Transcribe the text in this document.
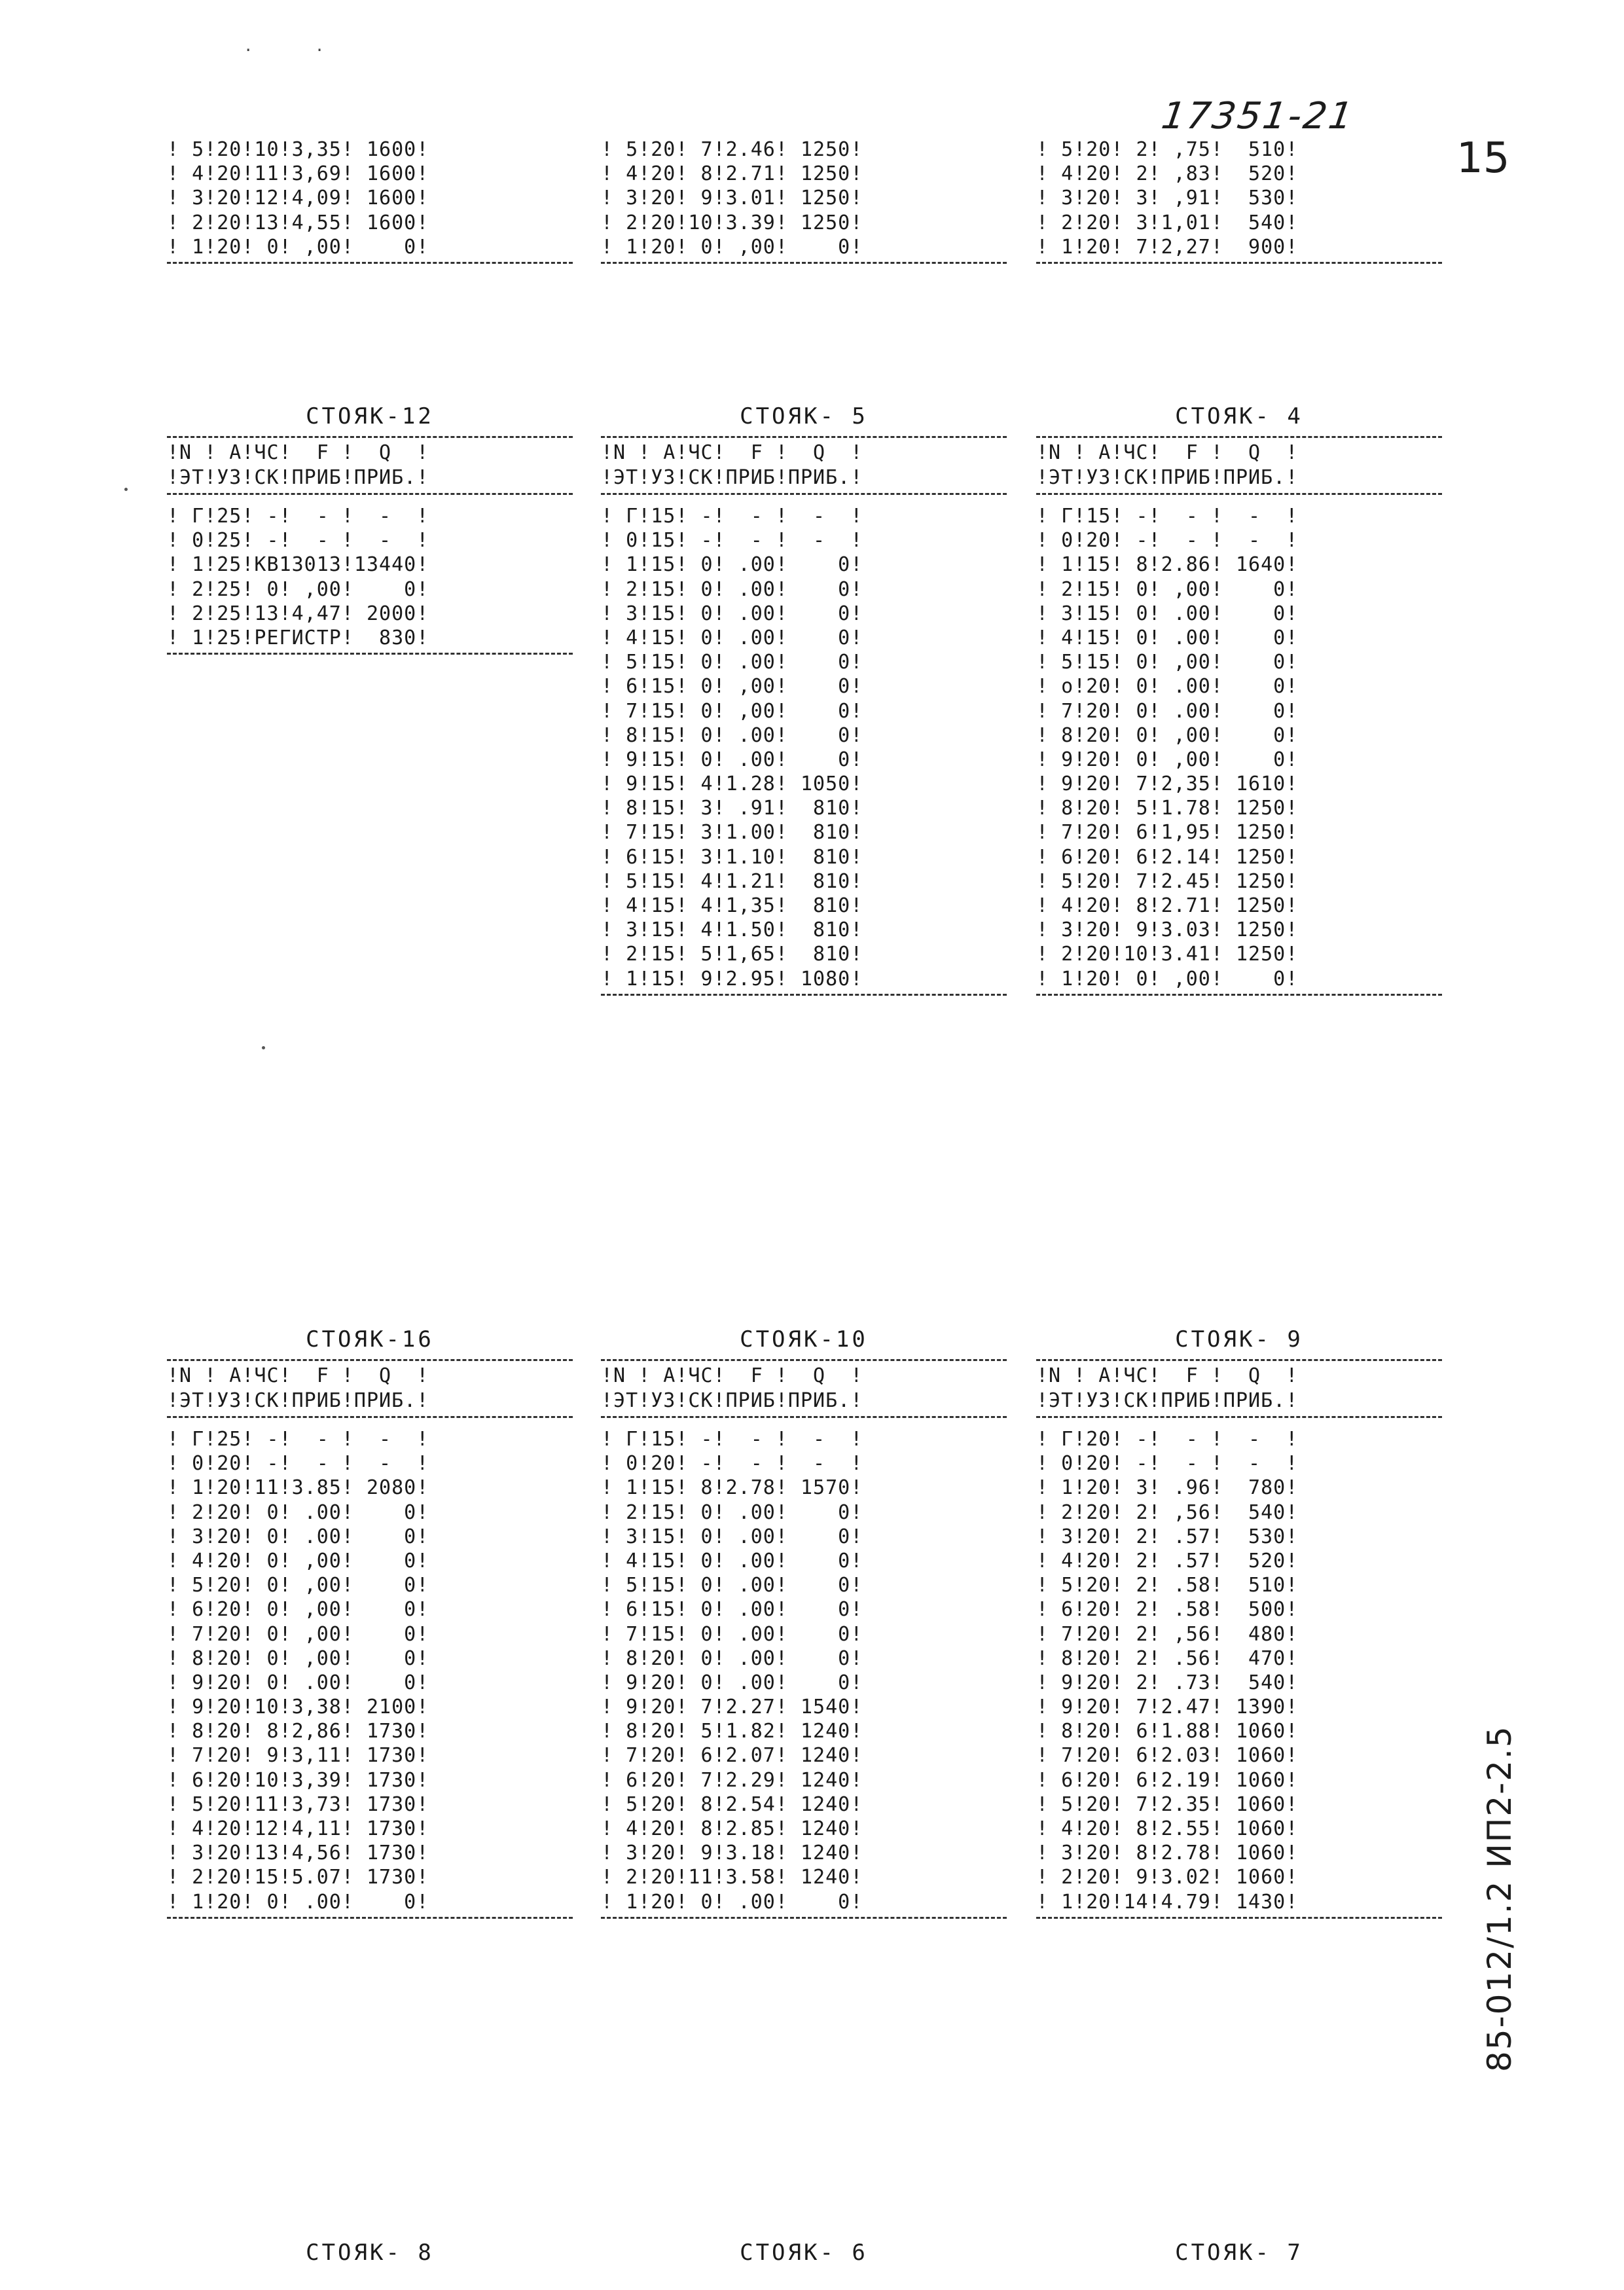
. .
17351-21
15
85-012/1.2 ИП2-2.5
! 5!20!10!3,35! 1600!
! 4!20!11!3,69! 1600!
! 3!20!12!4,09! 1600!
! 2!20!13!4,55! 1600!
! 1!20! 0! ,00!    0!
! 5!20! 7!2.46! 1250!
! 4!20! 8!2.71! 1250!
! 3!20! 9!3.01! 1250!
! 2!20!10!3.39! 1250!
! 1!20! 0! ,00!    0!
! 5!20! 2! ,75!  510!
! 4!20! 2! ,83!  520!
! 3!20! 3! ,91!  530!
! 2!20! 3!1,01!  540!
! 1!20! 7!2,27!  900!
СТОЯК-12
!N ! A!ЧС!  F !  Q  !
!ЭТ!УЗ!СК!ПРИБ!ПРИБ.!
! Г!25! -!  - !  -  !
! 0!25! -!  - !  -  !
! 1!25!КВ13013!13440!
! 2!25! 0! ,00!    0!
! 2!25!13!4,47! 2000!
! 1!25!РЕГИСТР!  830!
СТОЯК- 5
!N ! A!ЧС!  F !  Q  !
!ЭТ!УЗ!СК!ПРИБ!ПРИБ.!
! Г!15! -!  - !  -  !
! 0!15! -!  - !  -  !
! 1!15! 0! .00!    0!
! 2!15! 0! .00!    0!
! 3!15! 0! .00!    0!
! 4!15! 0! .00!    0!
! 5!15! 0! .00!    0!
! 6!15! 0! ,00!    0!
! 7!15! 0! ,00!    0!
! 8!15! 0! .00!    0!
! 9!15! 0! .00!    0!
! 9!15! 4!1.28! 1050!
! 8!15! 3! .91!  810!
! 7!15! 3!1.00!  810!
! 6!15! 3!1.10!  810!
! 5!15! 4!1.21!  810!
! 4!15! 4!1,35!  810!
! 3!15! 4!1.50!  810!
! 2!15! 5!1,65!  810!
! 1!15! 9!2.95! 1080!
СТОЯК- 4
!N ! A!ЧС!  F !  Q  !
!ЭТ!УЗ!СК!ПРИБ!ПРИБ.!
! Г!15! -!  - !  -  !
! 0!20! -!  - !  -  !
! 1!15! 8!2.86! 1640!
! 2!15! 0! ,00!    0!
! 3!15! 0! .00!    0!
! 4!15! 0! .00!    0!
! 5!15! 0! ,00!    0!
! o!20! 0! .00!    0!
! 7!20! 0! .00!    0!
! 8!20! 0! ,00!    0!
! 9!20! 0! ,00!    0!
! 9!20! 7!2,35! 1610!
! 8!20! 5!1.78! 1250!
! 7!20! 6!1,95! 1250!
! 6!20! 6!2.14! 1250!
! 5!20! 7!2.45! 1250!
! 4!20! 8!2.71! 1250!
! 3!20! 9!3.03! 1250!
! 2!20!10!3.41! 1250!
! 1!20! 0! ,00!    0!
СТОЯК-16
!N ! A!ЧС!  F !  Q  !
!ЭТ!УЗ!СК!ПРИБ!ПРИБ.!
! Г!25! -!  - !  -  !
! 0!20! -!  - !  -  !
! 1!20!11!3.85! 2080!
! 2!20! 0! .00!    0!
! 3!20! 0! .00!    0!
! 4!20! 0! ,00!    0!
! 5!20! 0! ,00!    0!
! 6!20! 0! ,00!    0!
! 7!20! 0! ,00!    0!
! 8!20! 0! ,00!    0!
! 9!20! 0! .00!    0!
! 9!20!10!3,38! 2100!
! 8!20! 8!2,86! 1730!
! 7!20! 9!3,11! 1730!
! 6!20!10!3,39! 1730!
! 5!20!11!3,73! 1730!
! 4!20!12!4,11! 1730!
! 3!20!13!4,56! 1730!
! 2!20!15!5.07! 1730!
! 1!20! 0! .00!    0!
СТОЯК-10
!N ! A!ЧС!  F !  Q  !
!ЭТ!УЗ!СК!ПРИБ!ПРИБ.!
! Г!15! -!  - !  -  !
! 0!20! -!  - !  -  !
! 1!15! 8!2.78! 1570!
! 2!15! 0! .00!    0!
! 3!15! 0! .00!    0!
! 4!15! 0! .00!    0!
! 5!15! 0! .00!    0!
! 6!15! 0! .00!    0!
! 7!15! 0! .00!    0!
! 8!20! 0! .00!    0!
! 9!20! 0! .00!    0!
! 9!20! 7!2.27! 1540!
! 8!20! 5!1.82! 1240!
! 7!20! 6!2.07! 1240!
! 6!20! 7!2.29! 1240!
! 5!20! 8!2.54! 1240!
! 4!20! 8!2.85! 1240!
! 3!20! 9!3.18! 1240!
! 2!20!11!3.58! 1240!
! 1!20! 0! .00!    0!
СТОЯК- 9
!N ! A!ЧС!  F !  Q  !
!ЭТ!УЗ!СК!ПРИБ!ПРИБ.!
! Г!20! -!  - !  -  !
! 0!20! -!  - !  -  !
! 1!20! 3! .96!  780!
! 2!20! 2! ,56!  540!
! 3!20! 2! .57!  530!
! 4!20! 2! .57!  520!
! 5!20! 2! .58!  510!
! 6!20! 2! .58!  500!
! 7!20! 2! ,56!  480!
! 8!20! 2! .56!  470!
! 9!20! 2! .73!  540!
! 9!20! 7!2.47! 1390!
! 8!20! 6!1.88! 1060!
! 7!20! 6!2.03! 1060!
! 6!20! 6!2.19! 1060!
! 5!20! 7!2.35! 1060!
! 4!20! 8!2.55! 1060!
! 3!20! 8!2.78! 1060!
! 2!20! 9!3.02! 1060!
! 1!20!14!4.79! 1430!
СТОЯК- 8	СТОЯК- 6	СТОЯК- 7
